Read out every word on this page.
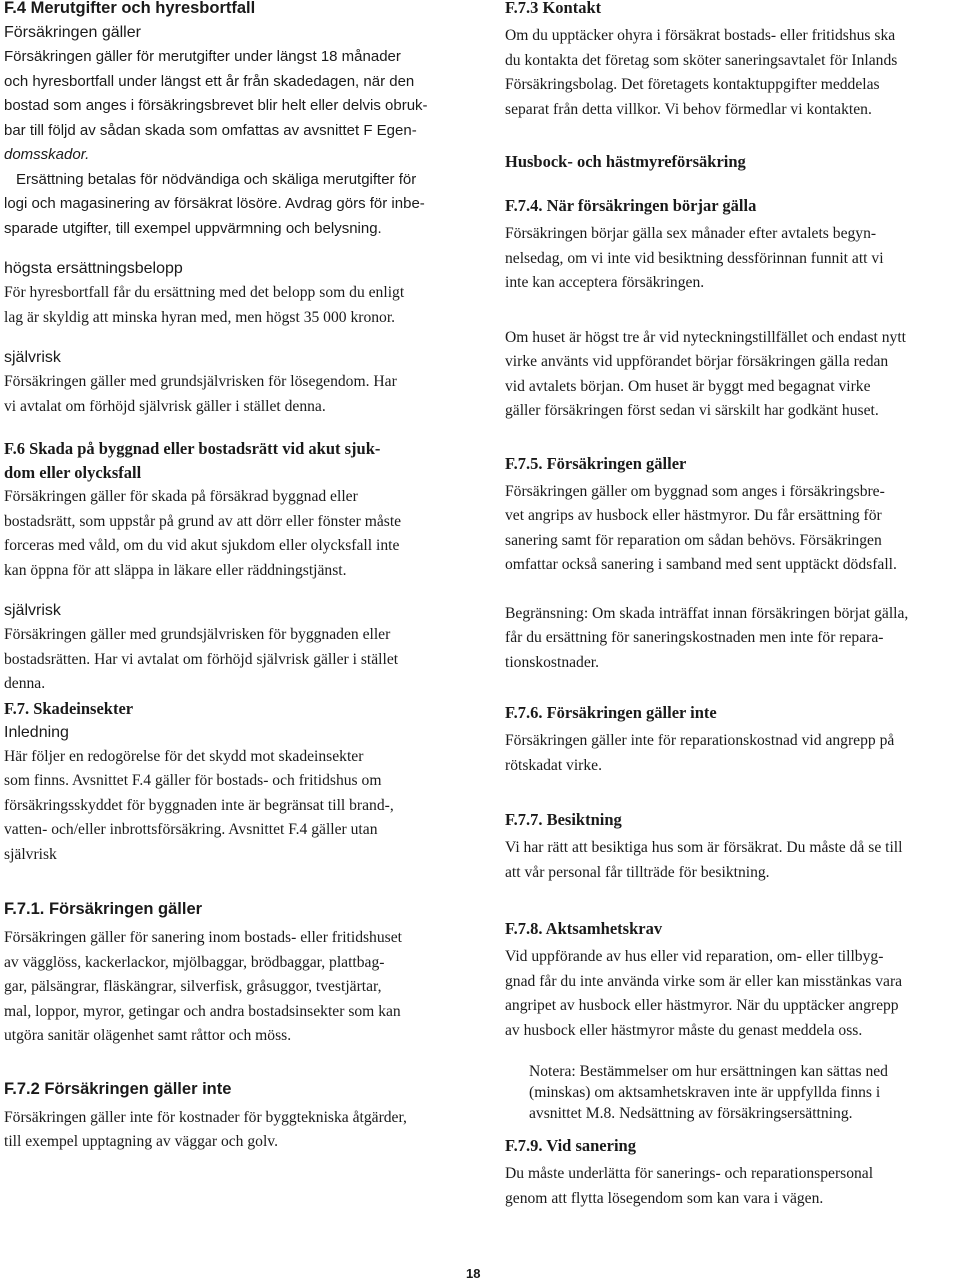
F.4 Merutgifter och hyresbortfall
Försäkringen gäller
Försäkringen gäller för merutgifter under längst 18 månader
och hyresbortfall under längst ett år från skadedagen, när den
bostad som anges i försäkringsbrevet blir helt eller delvis obruk-
bar till följd av sådan skada som omfattas av avsnittet F Egen-
domsskador.
Ersättning betalas för nödvändiga och skäliga merutgifter för
logi och magasinering av försäkrat lösöre. Avdrag görs för inbe-
sparade utgifter, till exempel uppvärmning och belysning.
högsta ersättningsbelopp
För hyresbortfall får du ersättning med det belopp som du enligt
lag är skyldig att minska hyran med, men högst 35 000 kronor.
självrisk
Försäkringen gäller med grundsjälvrisken för lösegendom. Har
vi avtalat om förhöjd självrisk gäller i stället denna.
F.6 Skada på byggnad eller bostadsrätt vid akut sjuk-
dom eller olycksfall
Försäkringen gäller för skada på försäkrad byggnad eller
bostadsrätt, som uppstår på grund av att dörr eller fönster måste
forceras med våld, om du vid akut sjukdom eller olycksfall inte
kan öppna för att släppa in läkare eller räddningstjänst.
självrisk
Försäkringen gäller med grundsjälvrisken för byggnaden eller
bostadsrätten. Har vi avtalat om förhöjd självrisk gäller i stället
denna.
F.7. Skadeinsekter
Inledning
Här följer en redogörelse för det skydd mot skadeinsekter
som finns. Avsnittet F.4 gäller för bostads- och fritidshus om
försäkringsskyddet för byggnaden inte är begränsat till brand-,
vatten- och/eller inbrottsförsäkring. Avsnittet F.4 gäller utan
självrisk
F.7.1. Försäkringen gäller
Försäkringen gäller för sanering inom bostads- eller fritidshuset
av vägglöss, kackerlackor, mjölbaggar, brödbaggar, plattbag-
gar, pälsängrar, fläskängrar, silverfisk, gråsuggor, tvestjärtar,
mal, loppor, myror, getingar och andra bostadsinsekter som kan
utgöra sanitär olägenhet samt råttor och möss.
F.7.2 Försäkringen gäller inte
Försäkringen gäller inte för kostnader för byggtekniska åtgärder,
till exempel upptagning av väggar och golv.
F.7.3 Kontakt
Om du upptäcker ohyra i försäkrat bostads- eller fritidshus ska
du kontakta det företag som sköter saneringsavtalet för Inlands
Försäkringsbolag. Det företagets kontaktuppgifter meddelas
separat från detta villkor. Vi behov förmedlar vi kontakten.
Husbock- och hästmyreförsäkring
F.7.4. När försäkringen börjar gälla
Försäkringen börjar gälla sex månader efter avtalets begyn-
nelsedag, om vi inte vid besiktning dessförinnan funnit att vi
inte kan acceptera försäkringen.
Om huset är högst tre år vid nyteckningstillfället och endast nytt
virke använts vid uppförandet börjar försäkringen gälla redan
vid avtalets början. Om huset är byggt med begagnat virke
gäller försäkringen först sedan vi särskilt har godkänt huset.
F.7.5. Försäkringen gäller
Försäkringen gäller om byggnad som anges i försäkringsbre-
vet angrips av husbock eller hästmyror. Du får ersättning för
sanering samt för reparation om sådan behövs. Försäkringen
omfattar också sanering i samband med sent upptäckt dödsfall.
Begränsning: Om skada inträffat innan försäkringen börjat gälla,
får du ersättning för saneringskostnaden men inte för repara-
tionskostnader.
F.7.6. Försäkringen gäller inte
Försäkringen gäller inte för reparationskostnad vid angrepp på
rötskadat virke.
F.7.7. Besiktning
Vi har rätt att besiktiga hus som är försäkrat. Du måste då se till
att vår personal får tillträde för besiktning.
F.7.8. Aktsamhetskrav
Vid uppförande av hus eller vid reparation, om- eller tillbyg-
gnad får du inte använda virke som är eller kan misstänkas vara
angripet av husbock eller hästmyror. När du upptäcker angrepp
av husbock eller hästmyror måste du genast meddela oss.
Notera: Bestämmelser om hur ersättningen kan sättas ned
(minskas) om aktsamhetskraven inte är uppfyllda finns i
avsnittet M.8. Nedsättning av försäkringsersättning.
F.7.9. Vid sanering
Du måste underlätta för sanerings- och reparationspersonal
genom att flytta lösegendom som kan vara i vägen.
18
